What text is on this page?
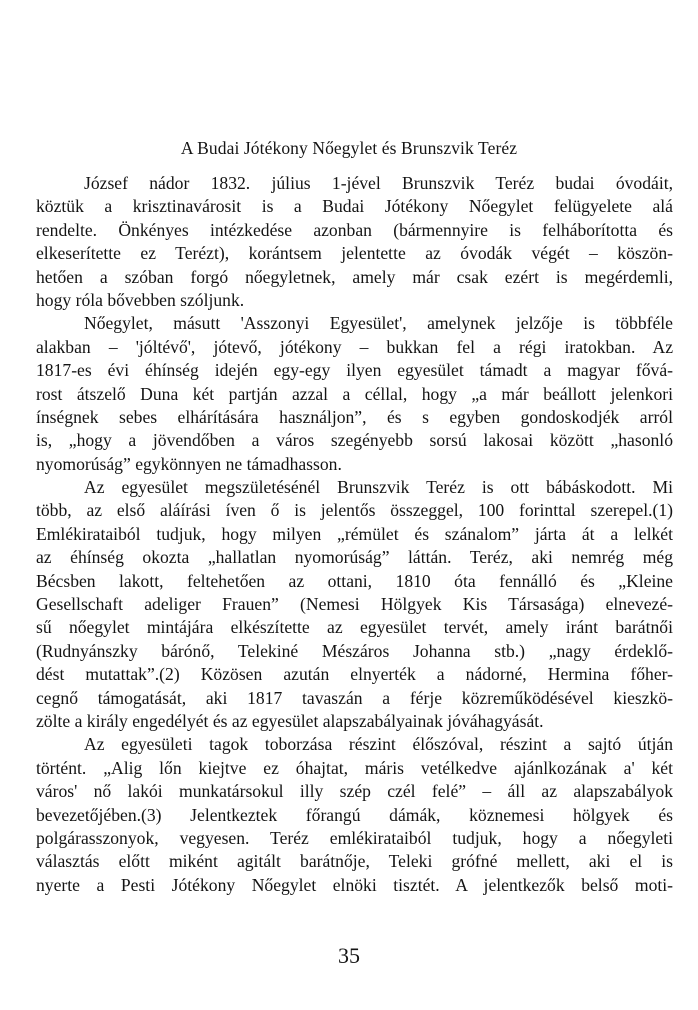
A Budai Jótékony Nőegylet és Brunszvik Teréz
József nádor 1832. július 1-jével Brunszvik Teréz budai óvodáit,
köztük a krisztinavárosit is a Budai Jótékony Nőegylet felügyelete alá
rendelte. Önkényes intézkedése azonban (bármennyire is felháborította és
elkeserítette ez Terézt), korántsem jelentette az óvodák végét – köszön-
hetően a szóban forgó nőegyletnek, amely már csak ezért is megérdemli,
hogy róla bővebben szóljunk.
Nőegylet, másutt 'Asszonyi Egyesület', amelynek jelzője is többféle
alakban – 'jóltévő', jótevő, jótékony – bukkan fel a régi iratokban. Az
1817-es évi éhínség idején egy-egy ilyen egyesület támadt a magyar fővá-
rost átszelő Duna két partján azzal a céllal, hogy „a már beállott jelenkori
ínségnek sebes elhárítására használjon”, és s egyben gondoskodjék arról
is, „hogy a jövendőben a város szegényebb sorsú lakosai között „hasonló
nyomorúság” egykönnyen ne támadhasson.
Az egyesület megszületésénél Brunszvik Teréz is ott bábáskodott. Mi
több, az első aláírási íven ő is jelentős összeggel, 100 forinttal szerepel.(1)
Emlékirataiból tudjuk, hogy milyen „rémület és szánalom” járta át a lelkét
az éhínség okozta „hallatlan nyomorúság” láttán. Teréz, aki nemrég még
Bécsben lakott, feltehetően az ottani, 1810 óta fennálló és „Kleine
Gesellschaft adeliger Frauen” (Nemesi Hölgyek Kis Társasága) elnevezé-
sű nőegylet mintájára elkészítette az egyesület tervét, amely iránt barátnői
(Rudnyánszky bárónő, Telekiné Mészáros Johanna stb.) „nagy érdeklő-
dést mutattak”.(2) Közösen azután elnyerték a nádorné, Hermina főher-
cegnő támogatását, aki 1817 tavaszán a férje közreműködésével kieszkö-
zölte a király engedélyét és az egyesület alapszabályainak jóváhagyását.
Az egyesületi tagok toborzása részint élőszóval, részint a sajtó útján
történt. „Alig lőn kiejtve ez óhajtat, máris vetélkedve ajánlkozának a' két
város' nő lakói munkatársokul illy szép czél felé” – áll az alapszabályok
bevezetőjében.(3) Jelentkeztek főrangú dámák, köznemesi hölgyek és
polgárasszonyok, vegyesen. Teréz emlékirataiból tudjuk, hogy a nőegyleti
választás előtt miként agitált barátnője, Teleki grófné mellett, aki el is
nyerte a Pesti Jótékony Nőegylet elnöki tisztét. A jelentkezők belső moti-
35
